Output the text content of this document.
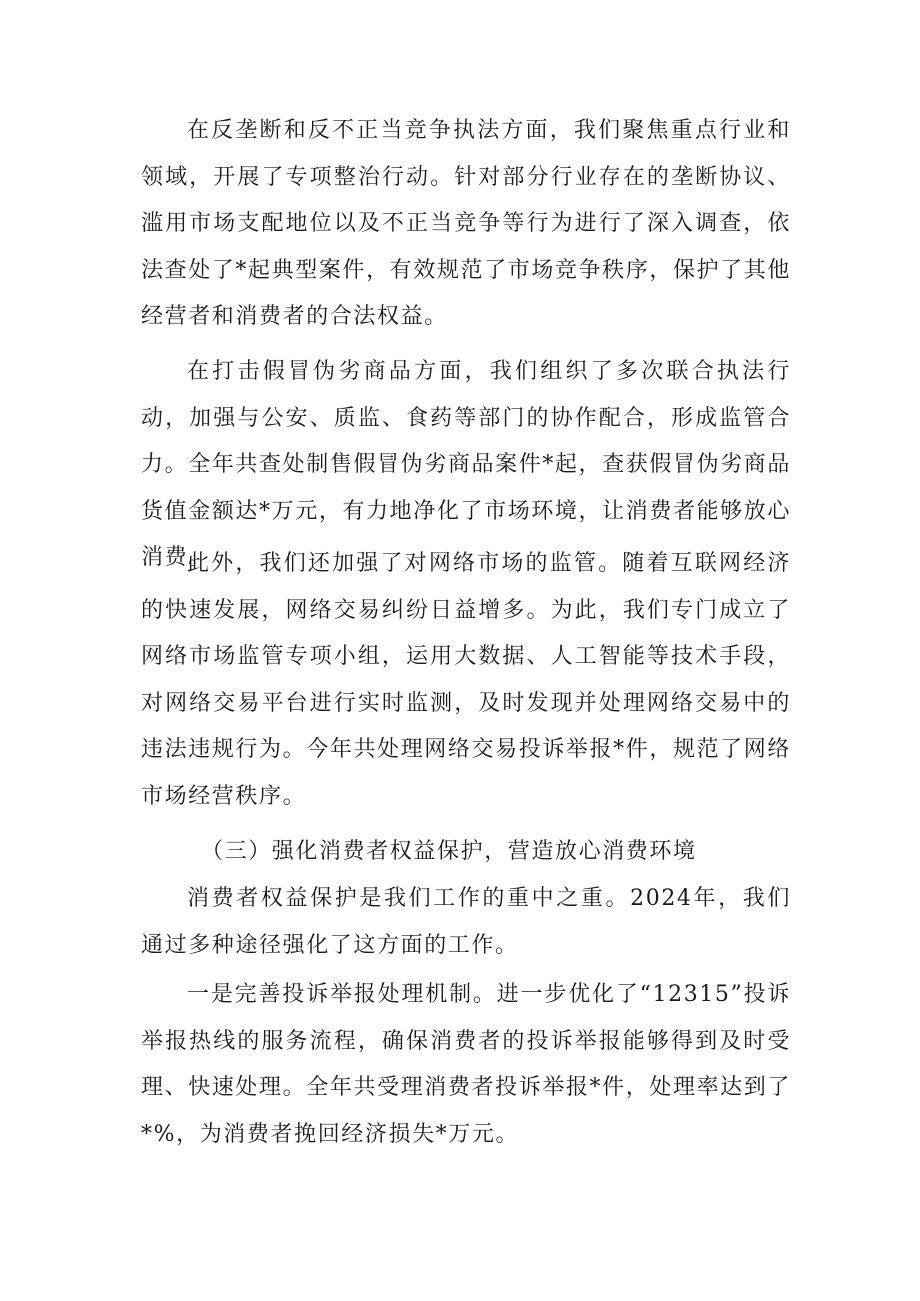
在反垄断和反不正当竞争执法方面，我们聚焦重点行业和领域，开展了专项整治行动。针对部分行业存在的垄断协议、滥用市场支配地位以及不正当竞争等行为进行了深入调查，依法查处了*起典型案件，有效规范了市场竞争秩序，保护了其他经营者和消费者的合法权益。

在打击假冒伪劣商品方面，我们组织了多次联合执法行动，加强与公安、质监、食药等部门的协作配合，形成监管合力。全年共查处制售假冒伪劣商品案件*起，查获假冒伪劣商品货值金额达*万元，有力地净化了市场环境，让消费者能够放心消费。

此外，我们还加强了对网络市场的监管。随着互联网经济的快速发展，网络交易纠纷日益增多。为此，我们专门成立了网络市场监管专项小组，运用大数据、人工智能等技术手段，对网络交易平台进行实时监测，及时发现并处理网络交易中的违法违规行为。今年共处理网络交易投诉举报*件，规范了网络市场经营秩序。

（三）强化消费者权益保护，营造放心消费环境

消费者权益保护是我们工作的重中之重。2024年，我们通过多种途径强化了这方面的工作。

一是完善投诉举报处理机制。进一步优化了“12315”投诉举报热线的服务流程，确保消费者的投诉举报能够得到及时受理、快速处理。全年共受理消费者投诉举报*件，处理率达到了*%，为消费者挽回经济损失*万元。
